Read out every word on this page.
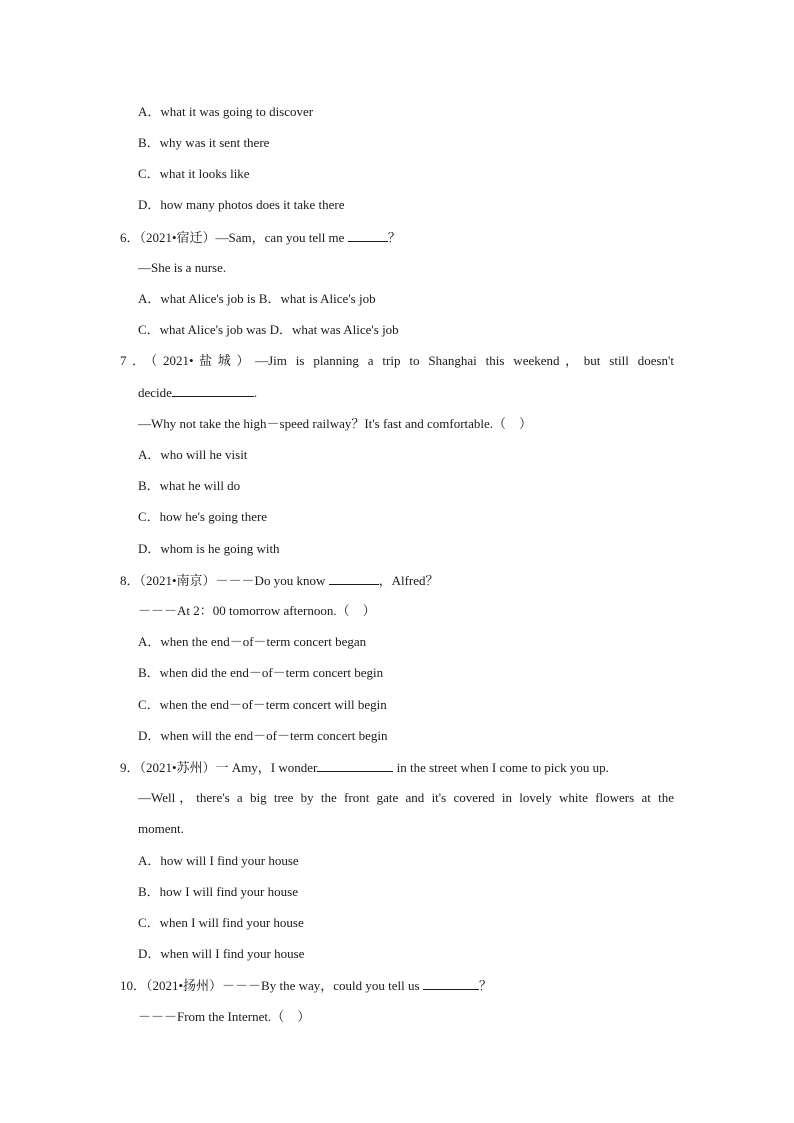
A．what it was going to discover
B．why was it sent there
C．what it looks like
D．how many photos does it take there
6．（2021•宿迁）—Sam，can you tell me	？
—She is a nurse.
A．what Alice's job is B．what is Alice's job
C．what Alice's job was D．what was Alice's job
7．（2021•盐城）—Jim is planning a trip to Shanghai this weekend，but still doesn't
decide	.
—Why not take the high－speed railway？It's fast and comfortable.（　）
A．who will he visit
B．what he will do
C．how he's going there
D．whom is he going with
8．（2021•南京）－－－Do you know	，Alfred？
－－－At 2：00 tomorrow afternoon.（　）
A．when the end－of－term concert began
B．when did the end－of－term concert begin
C．when the end－of－term concert will begin
D．when will the end－of－term concert begin
9．（2021•苏州）一 Amy，I wonder	in the street when I come to pick you up.
—Well，there's a big tree by the front gate and it's covered in lovely white flowers at the
moment.
A．how will I find your house
B．how I will find your house
C．when I will find your house
D．when will I find your house
10．（2021•扬州）－－－By the way，could you tell us	？
－－－From the Internet.（　）
